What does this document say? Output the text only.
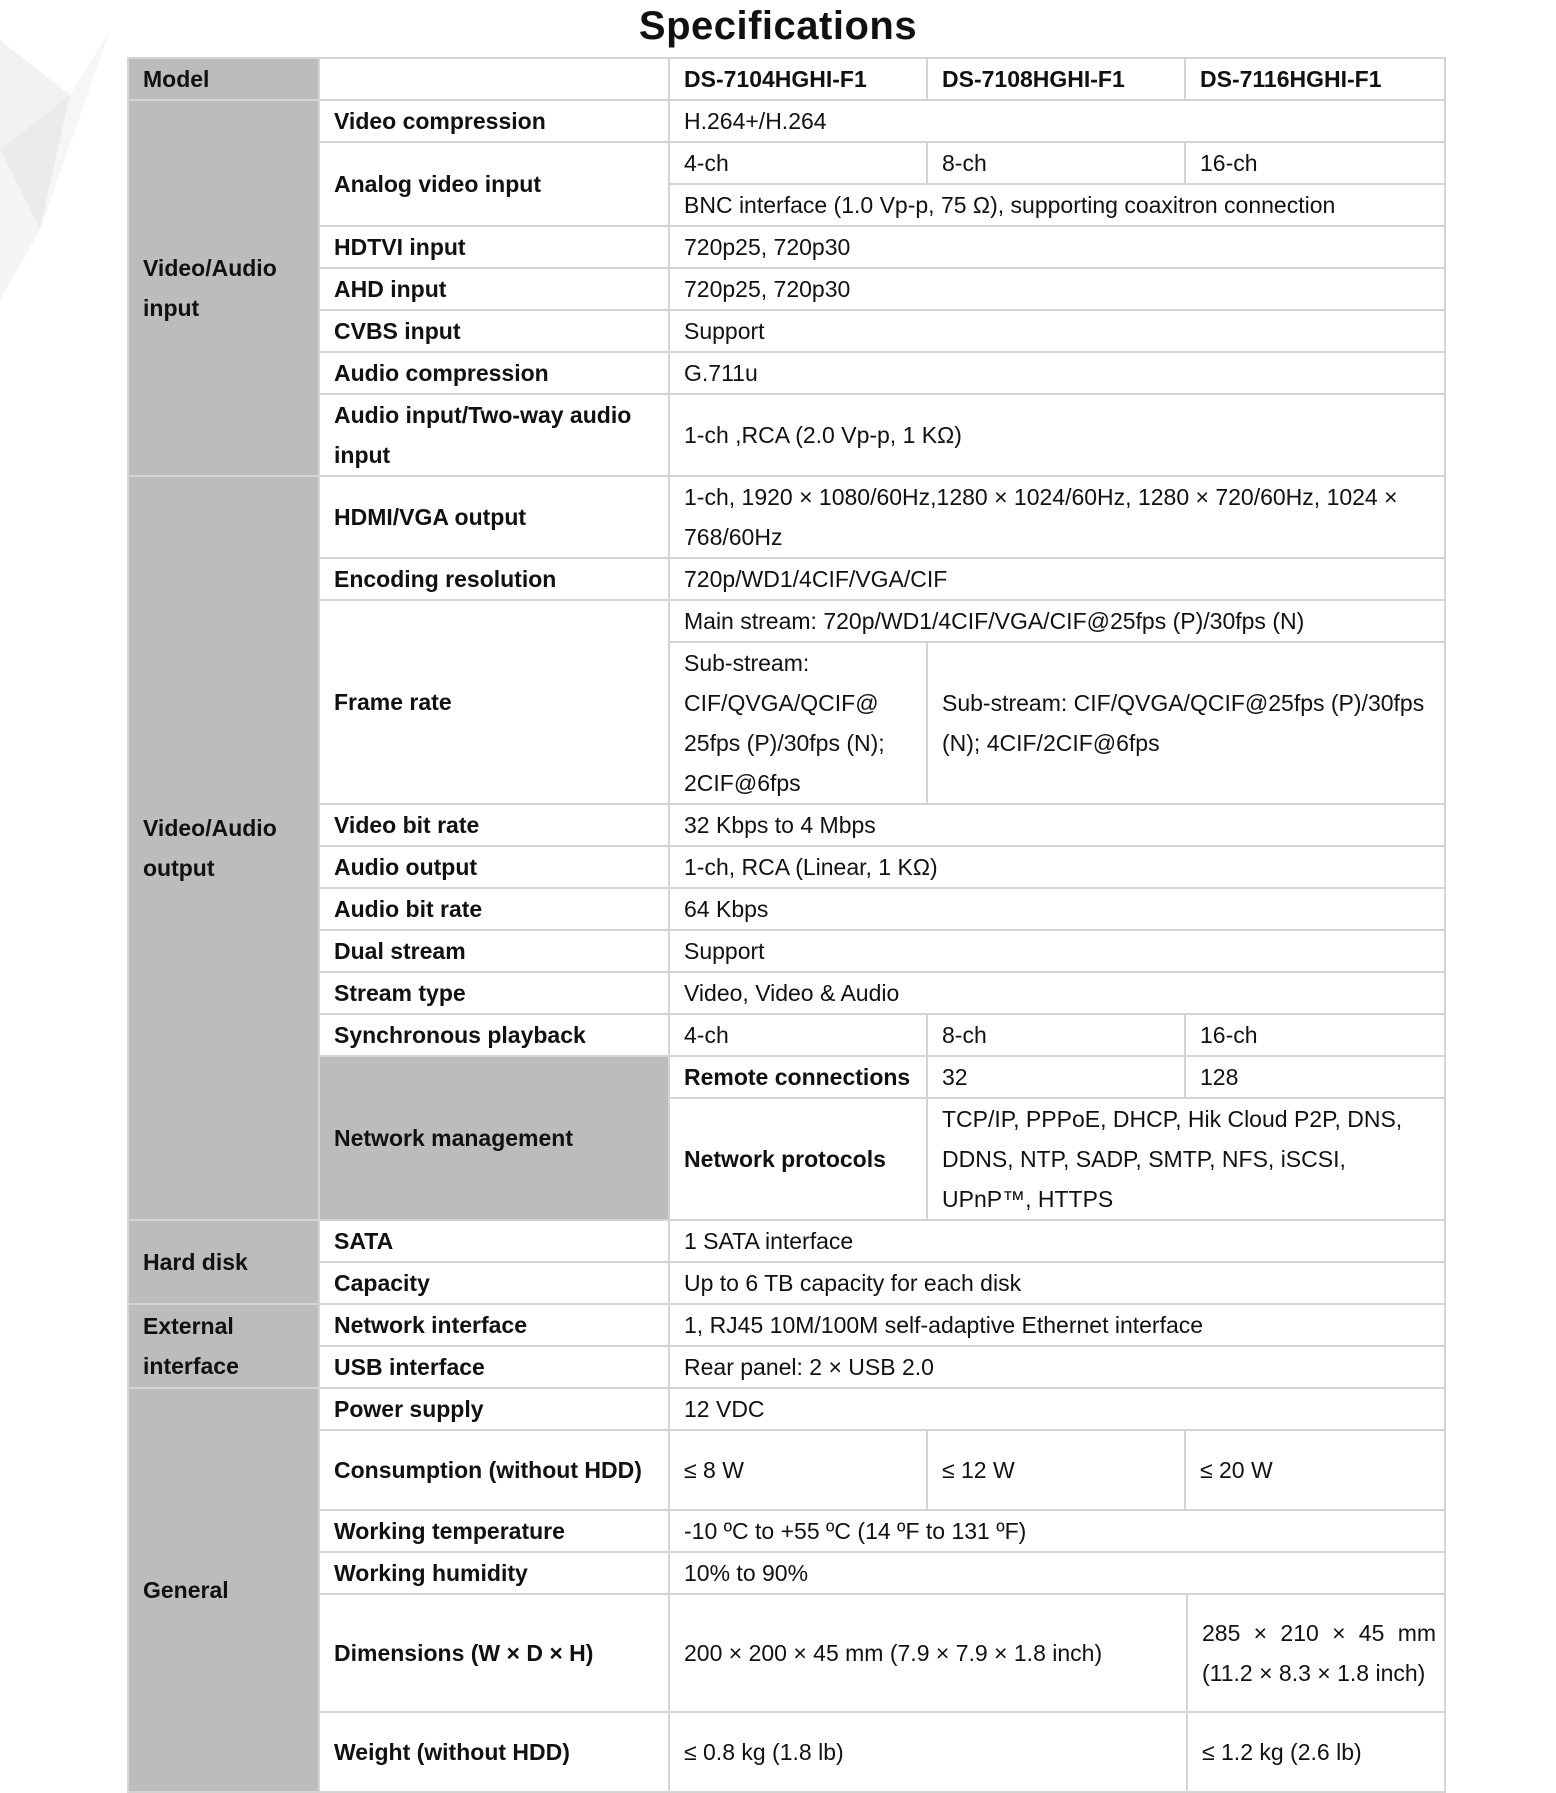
Specifications
Model		DS-7104HGHI-F1	DS-7108HGHI-F1	DS-7116HGHI-F1	
Video/Audio input	Video compression	H.264+/H.264			
	Analog video input	4-ch	8-ch	16-ch	
		BNC interface (1.0 Vp-p, 75 Ω), supporting coaxitron connection			
	HDTVI input	720p25, 720p30			
	AHD input	720p25, 720p30			
	CVBS input	Support			
	Audio compression	G.711u			
	Audio input/Two-way audio input	1-ch ,RCA (2.0 Vp-p, 1 KΩ)			
Video/Audio output	HDMI/VGA output	1-ch, 1920 × 1080/60Hz,1280 × 1024/60Hz, 1280 × 720/60Hz, 1024 × 768/60Hz			
	Encoding resolution	720p/WD1/4CIF/VGA/CIF			
	Frame rate	Main stream: 720p/WD1/4CIF/VGA/CIF@25fps (P)/30fps (N)			
		Sub-stream: CIF/QVGA/QCIF@ 25fps (P)/30fps (N); 2CIF@6fps	Sub-stream: CIF/QVGA/QCIF@25fps (P)/30fps (N); 4CIF/2CIF@6fps		
	Video bit rate	32 Kbps to 4 Mbps			
	Audio output	1-ch, RCA (Linear, 1 KΩ)			
	Audio bit rate	64 Kbps			
	Dual stream	Support			
	Stream type	Video, Video & Audio			
	Synchronous playback	4-ch	8-ch	16-ch	
	Network management	Remote connections	32	128	
		Network protocols	TCP/IP, PPPoE, DHCP, Hik Cloud P2P, DNS, DDNS, NTP, SADP, SMTP, NFS, iSCSI, UPnP™, HTTPS		
Hard disk	SATA	1 SATA interface			
	Capacity	Up to 6 TB capacity for each disk			
External interface	Network interface	1, RJ45 10M/100M self-adaptive Ethernet interface			
	USB interface	Rear panel: 2 × USB 2.0			
General	Power supply	12 VDC			
	Consumption (without HDD)	≤ 8 W	≤ 12 W	≤ 20 W	
	Working temperature	-10 ºC to +55 ºC (14 ºF to 131 ºF)			
	Working humidity	10% to 90%			
	Dimensions (W × D × H)	200 × 200 × 45 mm (7.9 × 7.9 × 1.8 inch)			285 × 210 × 45 mm (11.2 × 8.3 × 1.8 inch)
	Weight (without HDD)	≤ 0.8 kg (1.8 lb)			≤ 1.2 kg (2.6 lb)
